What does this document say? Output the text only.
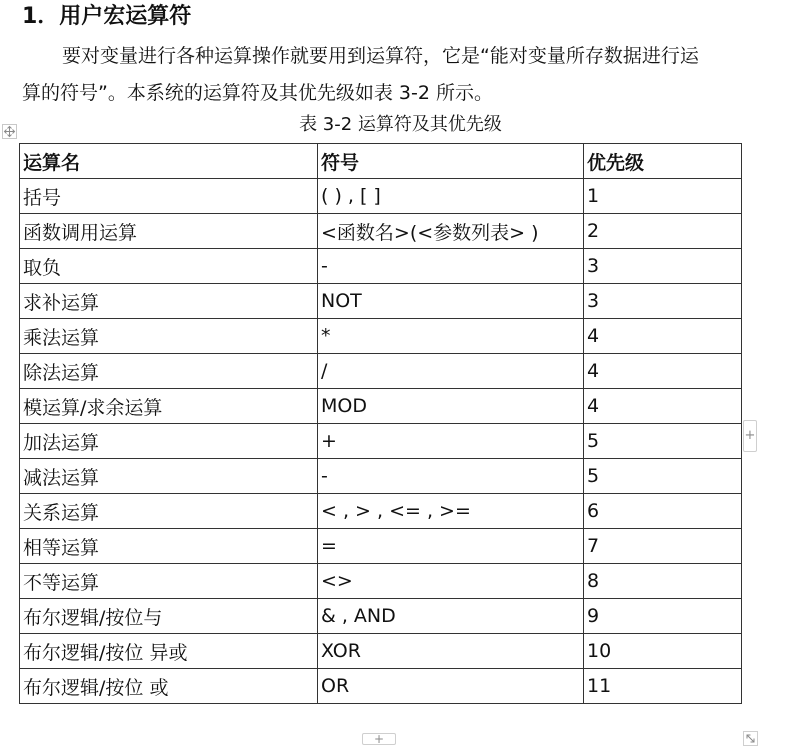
1．用户宏运算符

要对变量进行各种运算操作就要用到运算符，它是“能对变量所存数据进行运
算的符号”。本系统的运算符及其优先级如表 3-2 所示。

表 3-2 运算符及其优先级
运算名	符号	优先级
括号	( ) , [ ]	1
函数调用运算	<函数名>(<参数列表> )	2
取负	-	3
求补运算	NOT	3
乘法运算	*	4
除法运算	/	4
模运算/求余运算	MOD	4
加法运算	+	5
减法运算	-	5
关系运算	< , > , <= , >=	6
相等运算	=	7
不等运算	<>	8
布尔逻辑/按位与	& , AND	9
布尔逻辑/按位 异或	XOR	10
布尔逻辑/按位 或	OR	11
+
+
